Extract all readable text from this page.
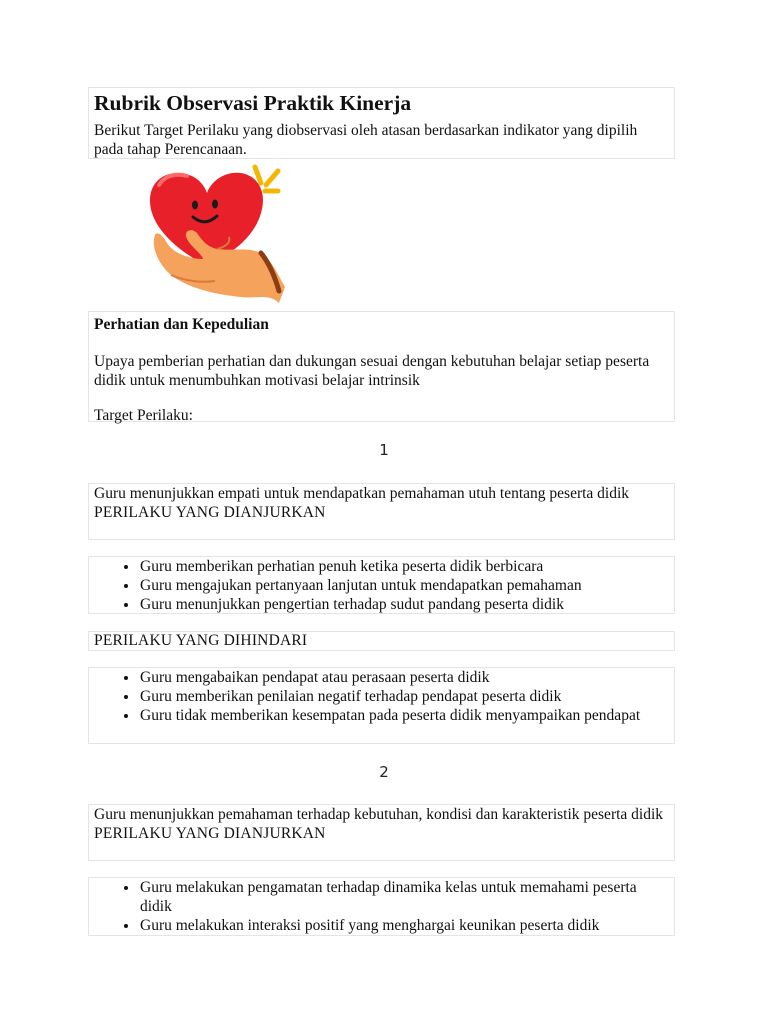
Rubrik Observasi Praktik Kinerja

Berikut Target Perilaku yang diobservasi oleh atasan berdasarkan indikator yang dipilih pada tahap Perencanaan.

Perhatian dan Kepedulian

Upaya pemberian perhatian dan dukungan sesuai dengan kebutuhan belajar setiap peserta didik untuk menumbuhkan motivasi belajar intrinsik

Target Perilaku:

1

Guru menunjukkan empati untuk mendapatkan pemahaman utuh tentang peserta didik

PERILAKU YANG DIANJURKAN

• Guru memberikan perhatian penuh ketika peserta didik berbicara
• Guru mengajukan pertanyaan lanjutan untuk mendapatkan pemahaman
• Guru menunjukkan pengertian terhadap sudut pandang peserta didik

PERILAKU YANG DIHINDARI

• Guru mengabaikan pendapat atau perasaan peserta didik
• Guru memberikan penilaian negatif terhadap pendapat peserta didik
• Guru tidak memberikan kesempatan pada peserta didik menyampaikan pendapat
2

Guru menunjukkan pemahaman terhadap kebutuhan, kondisi dan karakteristik peserta didik

PERILAKU YANG DIANJURKAN

• Guru melakukan pengamatan terhadap dinamika kelas untuk memahami peserta didik
• Guru melakukan interaksi positif yang menghargai keunikan peserta didik
